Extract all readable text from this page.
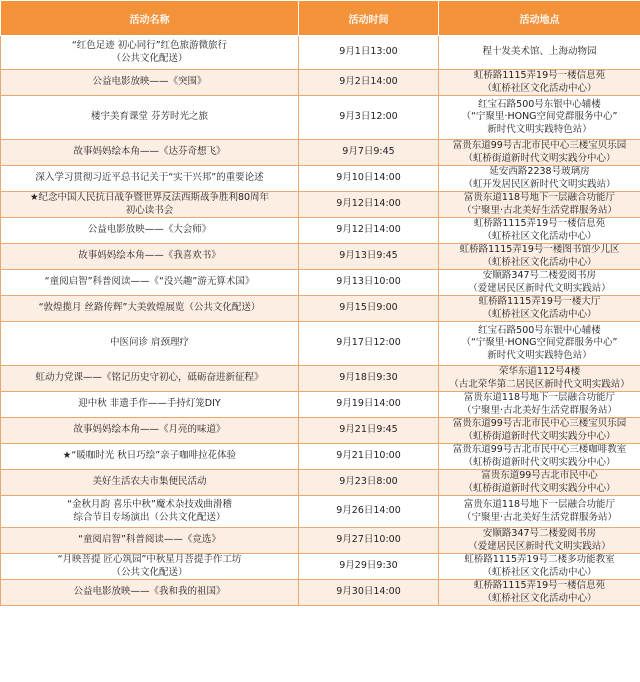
活动名称	活动时间	活动地点

“红色足迹 初心同行”红色旅游微旅行
（公共文化配送）	9月1日13:00	程十发美术馆、上海动物园

公益电影放映——《突围》	9月2日14:00	虹桥路1115弄19号一楼信息苑
（虹桥社区文化活动中心）

楼宇美育课堂 芬芳时光之旅	9月3日12:00	红宝石路500号东银中心辅楼
（“宁聚里·HONG空间党群服务中心”
新时代文明实践特色站）

故事妈妈绘本角——《达芬奇想飞》	9月7日9:45	富贵东道99号古北市民中心三楼宝贝乐园
（虹桥街道新时代文明实践分中心）

深入学习贯彻习近平总书记关于“实干兴邦”的重要论述	9月10日14:00	延安西路2238号玻璃房
（虹开发居民区新时代文明实践站）

★纪念中国人民抗日战争暨世界反法西斯战争胜利80周年
初心读书会	9月12日14:00	富贵东道118号地下一层融合功能厅
（宁聚里·古北美好生活党群服务站）

公益电影放映——《大会师》	9月12日14:00	虹桥路1115弄19号一楼信息苑
（虹桥社区文化活动中心）

故事妈妈绘本角——《我喜欢书》	9月13日9:45	虹桥路1115弄19号一楼图书馆少儿区
（虹桥社区文化活动中心）

“童阅启智”科普阅读——《“没兴趣”游无算术国》	9月13日10:00	安顺路347号二楼爱阅书房
（爱建居民区新时代文明实践站）

“敦煌揽月 丝路传辉”大美敦煌展览（公共文化配送）	9月15日9:00	虹桥路1115弄19号一楼大厅
（虹桥社区文化活动中心）

中医问诊 肩颈理疗	9月17日12:00	红宝石路500号东银中心辅楼
（“宁聚里·HONG空间党群服务中心”
新时代文明实践特色站）

虹动力党课——《铭记历史守初心，砥砺奋进新征程》	9月18日9:30	荣华东道112号4楼
（古北荣华第二居民区新时代文明实践站）

迎中秋 非遗手作——手持灯笼DIY	9月19日14:00	富贵东道118号地下一层融合功能厅
（宁聚里·古北美好生活党群服务站）

故事妈妈绘本角——《月亮的味道》	9月21日9:45	富贵东道99号古北市民中心三楼宝贝乐园
（虹桥街道新时代文明实践分中心）

★“暖咖时光 秋日巧绘”亲子咖啡拉花体验	9月21日10:00	富贵东道99号古北市民中心三楼咖啡教室
（虹桥街道新时代文明实践分中心）

美好生活农夫市集便民活动	9月23日8:00	富贵东道99号古北市民中心
（虹桥街道新时代文明实践分中心）

“金秋月韵 喜乐中秋”魔术杂技戏曲滑稽
综合节目专场演出（公共文化配送）	9月26日14:00	富贵东道118号地下一层融合功能厅
（宁聚里·古北美好生活党群服务站）

“童阅启智”科普阅读——《竞选》	9月27日10:00	安顺路347号二楼爱阅书房
（爱建居民区新时代文明实践站）

“月映菩提 匠心筑园”中秋星月菩提手作工坊
（公共文化配送）	9月29日9:30	虹桥路1115弄19号二楼多功能教室
（虹桥社区文化活动中心）

公益电影放映——《我和我的祖国》	9月30日14:00	虹桥路1115弄19号一楼信息苑
（虹桥社区文化活动中心）
